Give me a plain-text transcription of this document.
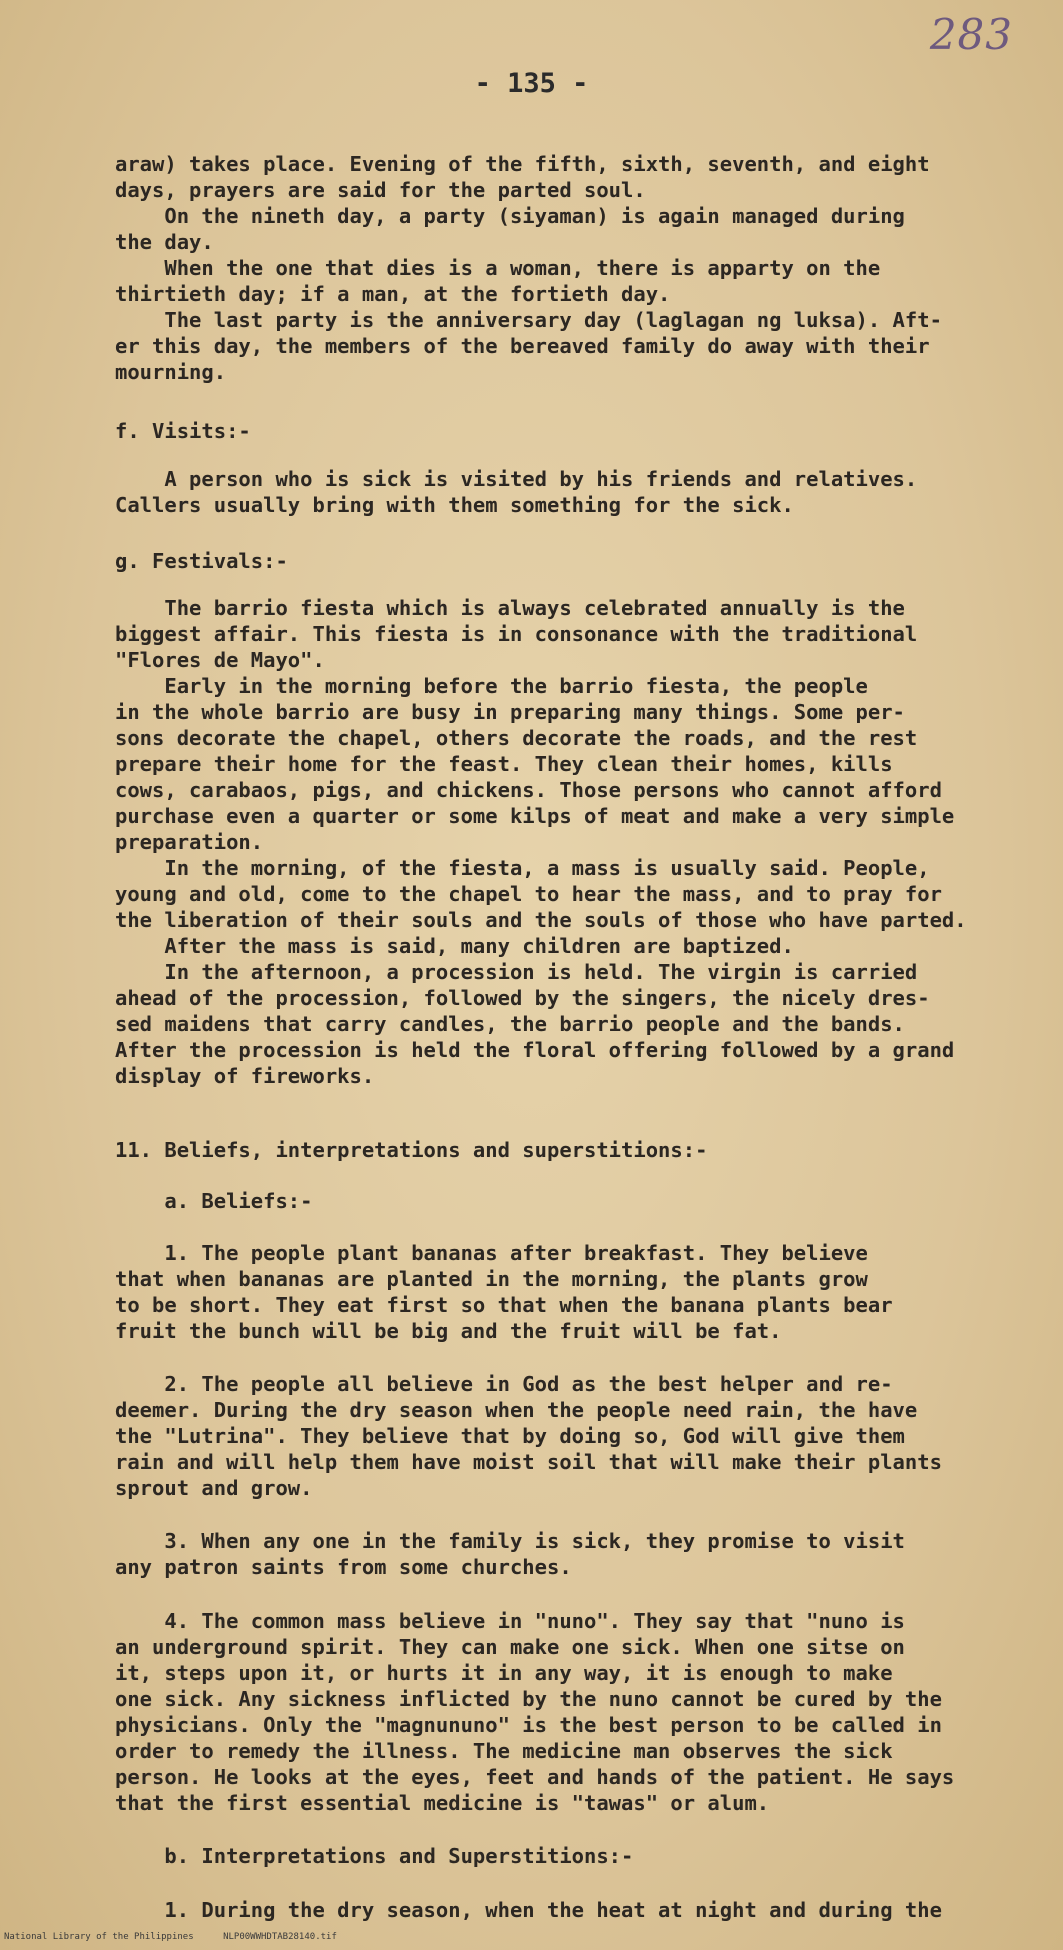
283
- 135 -
araw) takes place. Evening of the fifth, sixth, seventh, and eight
days, prayers are said for the parted soul.
On the nineth day, a party (siyaman) is again managed during
the day.
When the one that dies is a woman, there is apparty on the
thirtieth day; if a man, at the fortieth day.
The last party is the anniversary day (laglagan ng luksa). Aft-
er this day, the members of the bereaved family do away with their
mourning.
f. Visits:-
A person who is sick is visited by his friends and relatives.
Callers usually bring with them something for the sick.
g. Festivals:-
The barrio fiesta which is always celebrated annually is the
biggest affair. This fiesta is in consonance with the traditional
"Flores de Mayo".
Early in the morning before the barrio fiesta, the people
in the whole barrio are busy in preparing many things. Some per-
sons decorate the chapel, others decorate the roads, and the rest
prepare their home for the feast. They clean their homes, kills
cows, carabaos, pigs, and chickens. Those persons who cannot afford
purchase even a quarter or some kilps of meat and make a very simple
preparation.
In the morning, of the fiesta, a mass is usually said. People,
young and old, come to the chapel to hear the mass, and to pray for
the liberation of their souls and the souls of those who have parted.
After the mass is said, many children are baptized.
In the afternoon, a procession is held. The virgin is carried
ahead of the procession, followed by the singers, the nicely dres-
sed maidens that carry candles, the barrio people and the bands.
After the procession is held the floral offering followed by a grand
display of fireworks.
11. Beliefs, interpretations and superstitions:-
a. Beliefs:-
1. The people plant bananas after breakfast. They believe
that when bananas are planted in the morning, the plants grow
to be short. They eat first so that when the banana plants bear
fruit the bunch will be big and the fruit will be fat.
2. The people all believe in God as the best helper and re-
deemer. During the dry season when the people need rain, the have
the "Lutrina". They believe that by doing so, God will give them
rain and will help them have moist soil that will make their plants
sprout and grow.
3. When any one in the family is sick, they promise to visit
any patron saints from some churches.
4. The common mass believe in "nuno". They say that "nuno is
an underground spirit. They can make one sick. When one sitse on
it, steps upon it, or hurts it in any way, it is enough to make
one sick. Any sickness inflicted by the nuno cannot be cured by the
physicians. Only the "magnununo" is the best person to be called in
order to remedy the illness. The medicine man observes the sick
person. He looks at the eyes, feet and hands of the patient. He says
that the first essential medicine is "tawas" or alum.
b. Interpretations and Superstitions:-
1. During the dry season, when the heat at night and during the
National Library of the Philippines	NLP00WWHDTAB28140.tif
